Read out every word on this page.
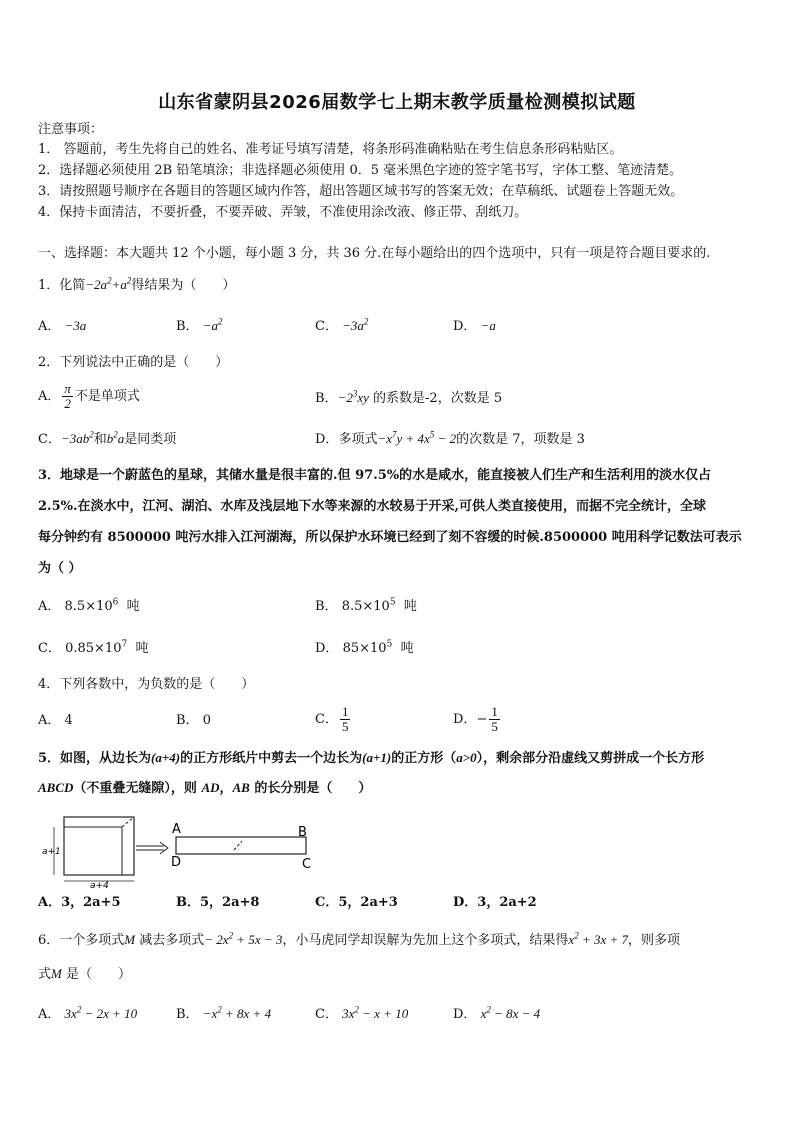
山东省蒙阴县2026届数学七上期末教学质量检测模拟试题
注意事项：
1． 答题前，考生先将自己的姓名、准考证号填写清楚，将条形码准确粘贴在考生信息条形码粘贴区。
2．选择题必须使用 2B 铅笔填涂；非选择题必须使用 0．5 毫米黑色字迹的签字笔书写，字体工整、笔迹清楚。
3．请按照题号顺序在各题目的答题区域内作答，超出答题区域书写的答案无效；在草稿纸、试题卷上答题无效。
4．保持卡面清洁，不要折叠，不要弄破、弄皱，不准使用涂改液、修正带、刮纸刀。
一、选择题：本大题共 12 个小题，每小题 3 分，共 36 分.在每小题给出的四个选项中，只有一项是符合题目要求的.
1．化简$-2a^2+a^2$得结果为（　　）
A． −3a	B． $-a^2$	C． $-3a^2$	D． −a
2．下列说法中正确的是（　　）
A． $\frac{\pi}{2}$ 不是单项式	B．$-2^3xy$ 的系数是-2，次数是 5
C．$-3ab^2$和$b^2a$是同类项	D．多项式$-x^7y + 4x^5 - 2$的次数是 7，项数是 3
3．地球是一个蔚蓝色的星球，其储水量是很丰富的.但 97.5%的水是咸水，能直接被人们生产和生活利用的淡水仅占
2.5%.在淡水中，江河、湖泊、水库及浅层地下水等来源的水较易于开采,可供人类直接使用，而据不完全统计，全球
每分钟约有 8500000 吨污水排入江河湖海，所以保护水环境已经到了刻不容缓的时候.8500000 吨用科学记数法可表示
为（ ）
A． $8.5\times 10^6$ 吨	B． $8.5\times 10^5$ 吨
C． $0.85\times 10^7$ 吨	D． $85\times 10^5$ 吨
4．下列各数中，为负数的是（　　）
A． 4	B． 0	C． $\frac{1}{5}$	D．− $\frac{1}{5}$
5．如图，从边长为(a+4)的正方形纸片中剪去一个边长为(a+1)的正方形（a>0），剩余部分沿虚线又剪拼成一个长方形
ABCD（不重叠无缝隙），则 AD，AB 的长分别是（　　）
a+1
a+4
A	B
C
D
A．3，2a+5	B．5，2a+8	C．5，2a+3	D．3，2a+2
6．一个多项式M 减去多项式− $2x^2 + 5x - 3$，小马虎同学却误解为先加上这个多项式，结果得$x^2 + 3x + 7$，则多项
式M 是（　　）
A． $3x^2 - 2x + 10$	B． $-x^2 + 8x + 4$	C． $3x^2 - x + 10$	D． $x^2 - 8x - 4$
